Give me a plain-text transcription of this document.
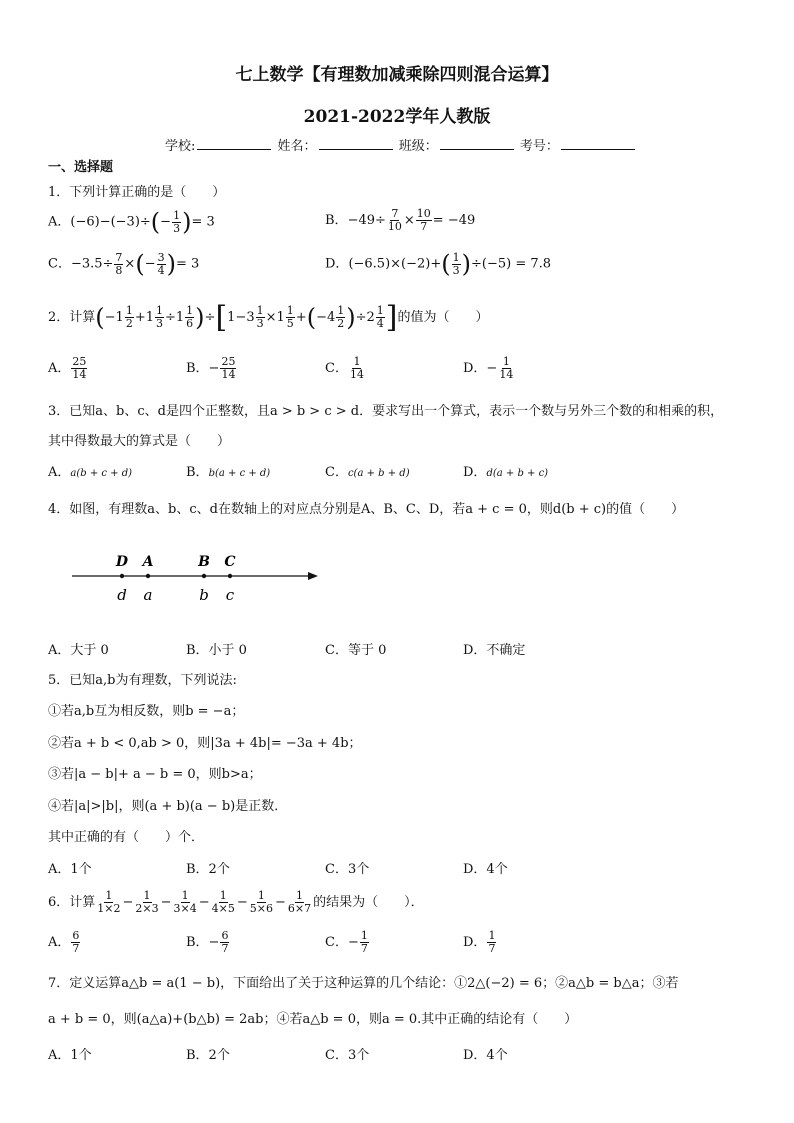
七上数学【有理数加减乘除四则混合运算】
2021-2022学年人教版
学校:	姓名：	班级：	考号：
一、选择题
1．下列计算正确的是（　　）
A．$(-6)-(-3)\div(- \frac{1}{3}$ )= 3	B．$-49\div \frac{7}{10} \times \frac{10}{7} = -49$
C．$-3.5\div \frac{7}{8}$ ×(− $\frac{3}{4}$ )= 3	D．$(-6.5)\times(-2)+( \frac{1}{3} )\div(-5) = 7.8$
2．计算$(-1 \frac{1}{2} +1 \frac{1}{3} \div 1 \frac{1}{6} )\div[1-3 \frac{1}{3} \times 1 \frac{1}{5} +(-4 \frac{1}{2} )\div 2 \frac{1}{4}$ ]的值为（　　）
A． $\frac{25}{14}$	B．− $\frac{25}{14}$	C． $\frac{1}{14}$	D．− $\frac{1}{14}$
3．已知a、b、c、d是四个正整数，且a > b > c > d．要求写出一个算式，表示一个数与另外三个数的和相乘的积，
其中得数最大的算式是（　　）
A．a(b + c + d)	B．b(a + c + d)	C．c(a + b + d)	D．d(a + b + c)
4．如图，有理数a、b、c、d在数轴上的对应点分别是A、B、C、D，若a + c = 0，则d(b + c)的值（　　）
D
d
A
a
B
b
C
c
A．大于 0	B．小于 0	C．等于 0	D．不确定
5．已知a,b为有理数，下列说法:
①若a,b互为相反数，则b = −a；
②若a + b < 0,ab > 0，则|3a + 4b|= −3a + 4b；
③若|a − b|+ a − b = 0，则b>a；
④若|a|>|b|，则(a + b)(a − b)是正数．
其中正确的有（　　）个．
A．1个	B．2个	C．3个	D．4个
6．计算 $\frac{1}{1\times 2} - \frac{1}{2\times 3} - \frac{1}{3\times 4} - \frac{1}{4\times 5} - \frac{1}{5\times 6} - \frac{1}{6\times 7}$ 的结果为（　　）．
A． $\frac{6}{7}$	B．− $\frac{6}{7}$	C．− $\frac{1}{7}$	D． $\frac{1}{7}$
7．定义运算a△b = a(1 − b)，下面给出了关于这种运算的几个结论：①2△(−2) = 6；②a△b = b△a；③若
a + b = 0，则(a△a)+(b△b) = 2ab；④若a△b = 0，则a = 0.其中正确的结论有（　　）
A．1个	B．2个	C．3个	D．4个
